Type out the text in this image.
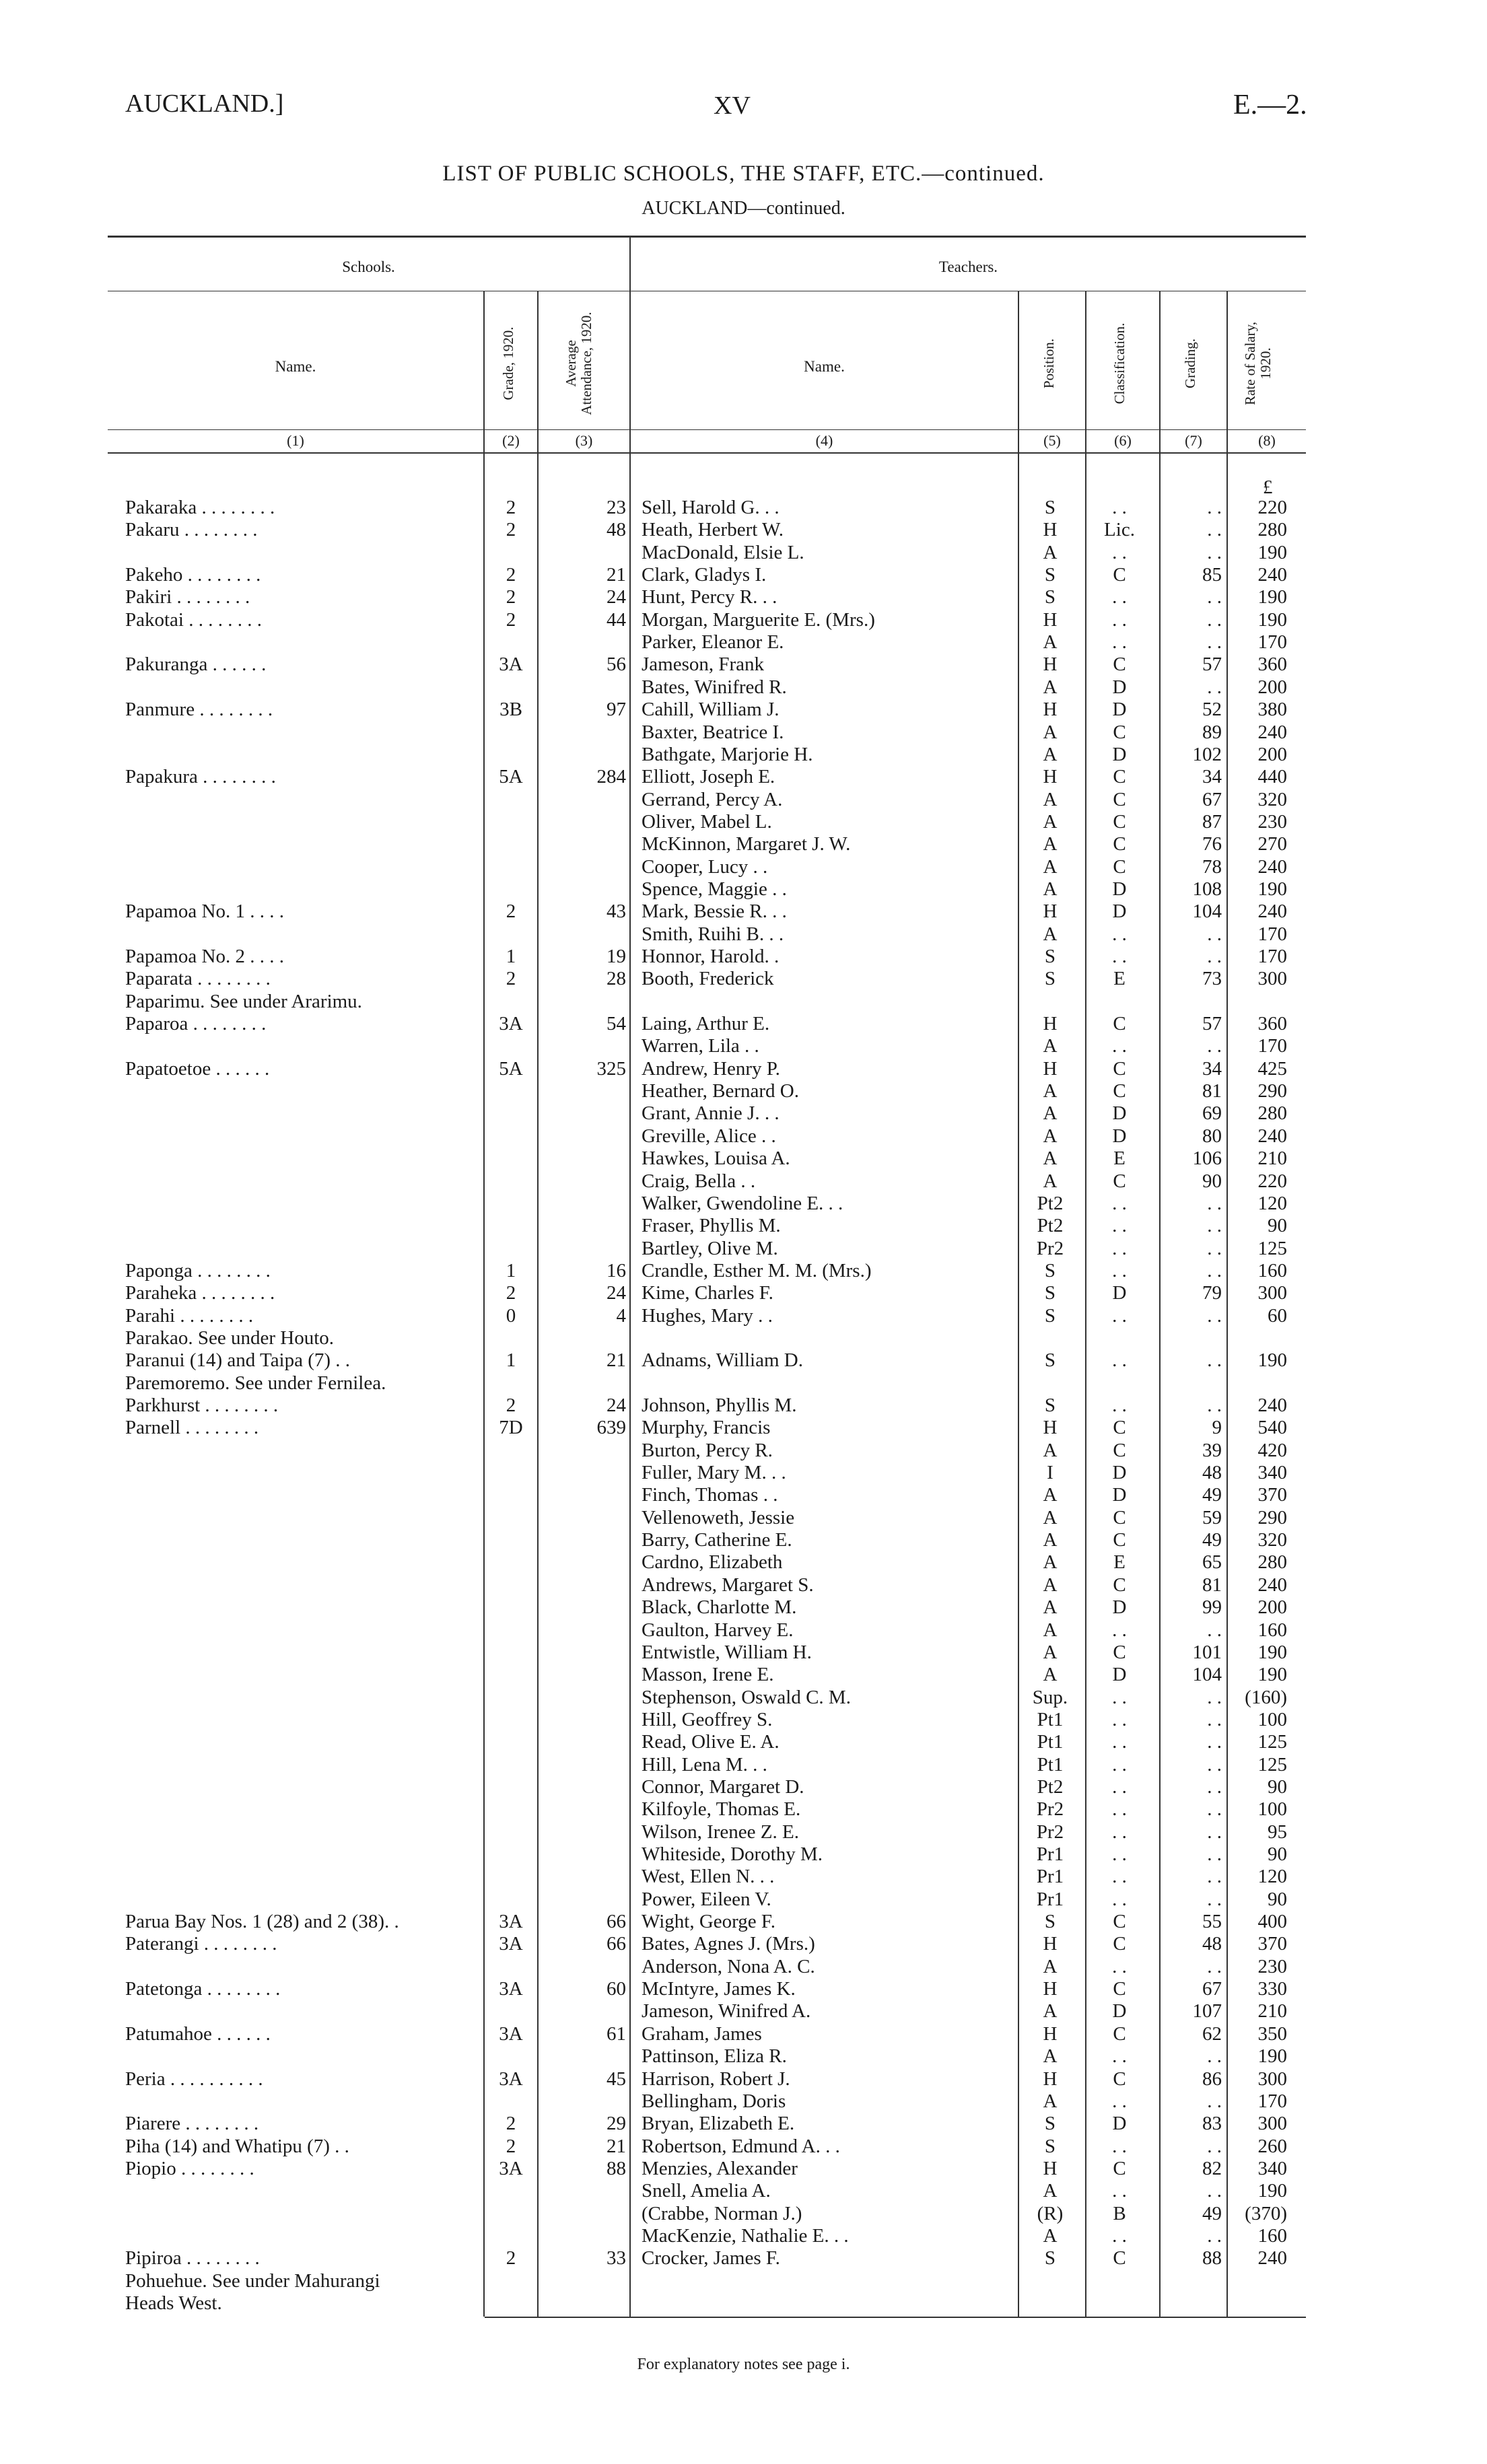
AUCKLAND.]	XV	E.—2.
LIST OF PUBLIC SCHOOLS, THE STAFF, ETC.—continued.
AUCKLAND—continued.
Schools.	Teachers.
Name.	Grade, 1920.	Average Attendance, 1920.	Name.	Position.	Classification.	Grading.	Rate of Salary, 1920.
(1)	(2)	(3)	(4)	(5)	(6)	(7)	(8)
£
Pakaraka . . . . . . . .	2	23 Sell, Harold G. . .	S	. .	. .	220
Pakaru . . . . . . . .	2	48 Heath, Herbert W.	H	Lic.	. .	280
MacDonald, Elsie L.	A	. .	. .	190
Pakeho . . . . . . . .	2	21 Clark, Gladys I.	S	C	85	240
Pakiri . . . . . . . .	2	24 Hunt, Percy R. . .	S	. .	. .	190
Pakotai . . . . . . . .	2	44 Morgan, Marguerite E. (Mrs.)	H	. .	. .	190
Parker, Eleanor E.	A	. .	. .	170
Pakuranga . . . . . .	3A	56 Jameson, Frank	H	C	57	360
Bates, Winifred R.	A	D	. .	200
Panmure . . . . . . . .	3B	97 Cahill, William J.	H	D	52	380
Baxter, Beatrice I.	A	C	89	240
Bathgate, Marjorie H.	A	D	102	200
Papakura . . . . . . . .	5A	284 Elliott, Joseph E.	H	C	34	440
Gerrand, Percy A.	A	C	67	320
Oliver, Mabel L.	A	C	87	230
McKinnon, Margaret J. W.	A	C	76	270
Cooper, Lucy . .	A	C	78	240
Spence, Maggie . .	A	D	108	190
Papamoa No. 1 . . . .	2	43 Mark, Bessie R. . .	H	D	104	240
Smith, Ruihi B. . .	A	. .	. .	170
Papamoa No. 2 . . . .	1	19 Honnor, Harold. .	S	. .	. .	170
Paparata . . . . . . . .	2	28 Booth, Frederick	S	E	73	300
Paparimu. See under Ararimu.
Paparoa . . . . . . . .	3A	54 Laing, Arthur E.	H	C	57	360
Warren, Lila . .	A	. .	. .	170
Papatoetoe . . . . . .	5A	325 Andrew, Henry P.	H	C	34	425
Heather, Bernard O.	A	C	81	290
Grant, Annie J. . .	A	D	69	280
Greville, Alice . .	A	D	80	240
Hawkes, Louisa A.	A	E	106	210
Craig, Bella . .	A	C	90	220
Walker, Gwendoline E. . .	Pt2	. .	. .	120
Fraser, Phyllis M.	Pt2	. .	. .	90
Bartley, Olive M.	Pr2	. .	. .	125
Paponga . . . . . . . .	1	16 Crandle, Esther M. M. (Mrs.)	S	. .	. .	160
Paraheka . . . . . . . .	2	24 Kime, Charles F.	S	D	79	300
Parahi . . . . . . . .	0	4 Hughes, Mary . .	S	. .	. .	60
Parakao. See under Houto.
Paranui (14) and Taipa (7) . .	1	21 Adnams, William D.	S	. .	. .	190
Paremoremo. See under Fernilea.
Parkhurst . . . . . . . .	2	24 Johnson, Phyllis M.	S	. .	. .	240
Parnell . . . . . . . .	7D	639 Murphy, Francis	H	C	9	540
Burton, Percy R.	A	C	39	420
Fuller, Mary M. . .	I	D	48	340
Finch, Thomas . .	A	D	49	370
Vellenoweth, Jessie	A	C	59	290
Barry, Catherine E.	A	C	49	320
Cardno, Elizabeth	A	E	65	280
Andrews, Margaret S.	A	C	81	240
Black, Charlotte M.	A	D	99	200
Gaulton, Harvey E.	A	. .	. .	160
Entwistle, William H.	A	C	101	190
Masson, Irene E.	A	D	104	190
Stephenson, Oswald C. M.	Sup.	. .	. .	(160)
Hill, Geoffrey S.	Pt1	. .	. .	100
Read, Olive E. A.	Pt1	. .	. .	125
Hill, Lena M. . .	Pt1	. .	. .	125
Connor, Margaret D.	Pt2	. .	. .	90
Kilfoyle, Thomas E.	Pr2	. .	. .	100
Wilson, Irenee Z. E.	Pr2	. .	. .	95
Whiteside, Dorothy M.	Pr1	. .	. .	90
West, Ellen N. . .	Pr1	. .	. .	120
Power, Eileen V.	Pr1	. .	. .	90
Parua Bay Nos. 1 (28) and 2 (38). .	3A	66 Wight, George F.	S	C	55	400
Paterangi . . . . . . . .	3A	66 Bates, Agnes J. (Mrs.)	H	C	48	370
Anderson, Nona A. C.	A	. .	. .	230
Patetonga . . . . . . . .	3A	60 McIntyre, James K.	H	C	67	330
Jameson, Winifred A.	A	D	107	210
Patumahoe . . . . . .	3A	61 Graham, James	H	C	62	350
Pattinson, Eliza R.	A	. .	. .	190
Peria . . . . . . . . . .	3A	45 Harrison, Robert J.	H	C	86	300
Bellingham, Doris	A	. .	. .	170
Piarere . . . . . . . .	2	29 Bryan, Elizabeth E.	S	D	83	300
Piha (14) and Whatipu (7) . .	2	21 Robertson, Edmund A. . .	S	. .	. .	260
Piopio . . . . . . . .	3A	88 Menzies, Alexander	H	C	82	340
Snell, Amelia A.	A	. .	. .	190
(Crabbe, Norman J.)	(R)	B	49	(370)
MacKenzie, Nathalie E. . .	A	. .	. .	160
Pipiroa . . . . . . . .	2	33 Crocker, James F.	S	C	88	240
Pohuehue. See under Mahurangi
Heads West.
For explanatory notes see page i.
